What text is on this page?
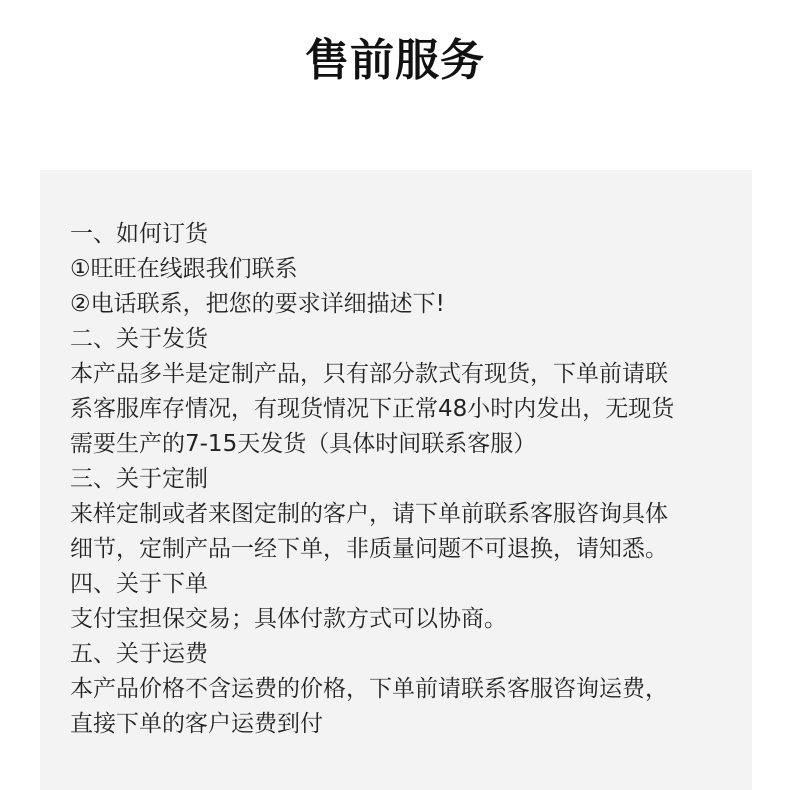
售前服务
一、如何订货
①旺旺在线跟我们联系
②电话联系，把您的要求详细描述下!
二、关于发货
本产品多半是定制产品，只有部分款式有现货，下单前请联
系客服库存情况，有现货情况下正常48小时内发出，无现货
需要生产的7-15天发货（具体时间联系客服）
三、关于定制
来样定制或者来图定制的客户，请下单前联系客服咨询具体
细节，定制产品一经下单，非质量问题不可退换，请知悉。
四、关于下单
支付宝担保交易；具体付款方式可以协商。
五、关于运费
本产品价格不含运费的价格，下单前请联系客服咨询运费，
直接下单的客户运费到付
